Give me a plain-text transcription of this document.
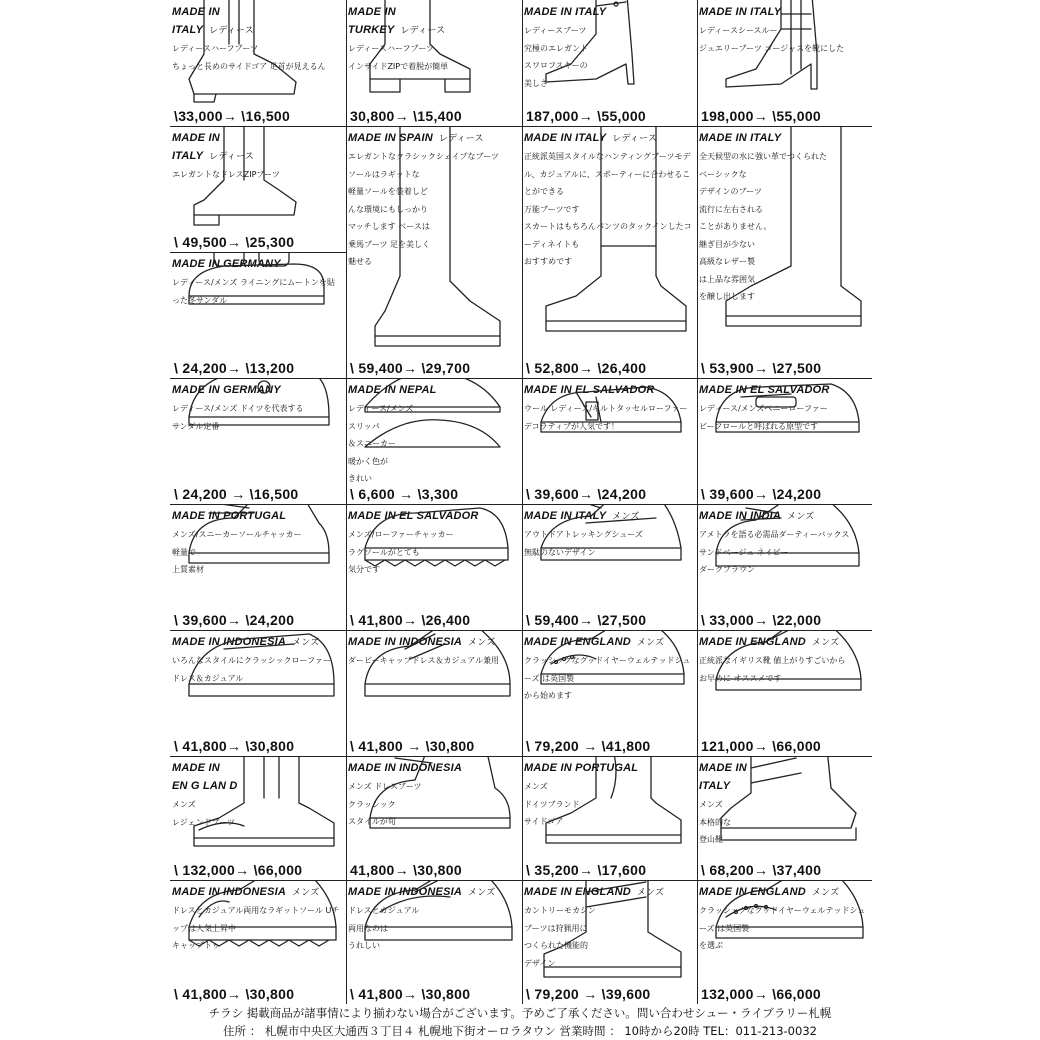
MADE IN
ITALY レディース
レディースハーフブーツ
ちょっと長めのサイドゴア 足首が見えるん
\33,000→ \16,500
MADE IN
TURKEY レディース
レディースハーフブーツ
インサイドZIPで着脱が簡単
30,800→ \15,400
MADE IN ITALY
レディースブーツ
究極のエレガント
スワロフスキーの
美しさ
187,000→ \55,000
MADE IN ITALY
レディースシースルー
ジュエリーブーツ ゴージャスを靴にした
198,000→ \55,000
MADE IN
ITALY レディース
エレガントなドレスZIPブーツ
\ 49,500→ \25,300
MADE IN SPAIN レディース
エレガントなクラシックシェイプなブーツ
ソールはラギットな
軽量ソールを装着しど
んな環境にもしっかり
マッチします ベースは
乗馬ブーツ 足を美しく
魅せる
\ 59,400→ \29,700
MADE IN ITALY レディース
正統派英国スタイルなハンティングブーツモデル、カジュアルに、スポーティーに合わせることができる
万能ブーツです
スカートはもちろんパンツのタックインしたコーディネイトも
おすすめです
\ 52,800→ \26,400
MADE IN ITALY
全天候型の水に強い革でつくられた
ベーシックな
デザインのブーツ
流行に左右される
ことがありません。
継ぎ目が少ない
高級なレザー製
は上品な雰囲気
を醸し出します
\ 53,900→ \27,500
MADE IN GERMANY
レディース/メンズ ライニングにムートンを貼った冬サンダル
\ 24,200→ \13,200
MADE IN GERMANY
レディース/メンズ ドイツを代表する
サンダル定番
\ 24,200 → \16,500
MADE IN NEPAL
レディース/メンズ
スリッパ
＆スニーカー
暖かく色が
きれい
\ 6,600 → \3,300
MADE IN EL SALVADOR
ウール レディース/キルトタッセルローファー
デコラティブが人気です！
\ 39,600→ \24,200
MADE IN EL SALVADOR
レディース/メンズペニーローファー
ビーフロールと呼ばれる原型です
\ 39,600→ \24,200
MADE IN PORTUGAL
メンズ/スニーカーソールチャッカー
軽量で
上質素材
\ 39,600→ \24,200
MADE IN EL SALVADOR
メンズ/ローファーチャッカー
ラグソールがとても
気分です
\ 41,800→ \26,400
MADE IN ITALY メンズ
アウトドアトレッキングシューズ
無駄のないデザイン
\ 59,400→ \27,500
MADE IN INDIA メンズ
アメトラを語る必需品ダーティーバックス
サンドベージュ ネイビー
ダークブラウン
\ 33,000→ \22,000
MADE IN INDONESIA メンズ
いろんなスタイルにクラッシックローファー
ドレス＆カジュアル
\ 41,800→ \30,800
MADE IN INDONESIA メンズ
ダービーキャップドレス＆カジュアル兼用
\ 41,800 → \30,800
MADE IN ENGLAND メンズ
クラッシックなグッドイヤーウェルテッドシューズ は英国製
から始めます
\ 79,200 → \41,800
MADE IN ENGLAND メンズ
正統派なイギリス靴 値上がりすごいから
お早めに オススメです
121,000→ \66,000
MADE IN
EN G LAN D
メンズ
レジェンドブーツ
\ 132,000→ \66,000
MADE IN INDONESIA
メンズ ドレスブーツ
クラッシック
スタイルが旬
41,800→ \30,800
MADE IN PORTUGAL
メンズ
ドイツブランド
サイドゴア
\ 35,200→ \17,600
MADE IN
ITALY
メンズ
本格的な
登山靴
\ 68,200→ \37,400
MADE IN INDONESIA メンズ
ドレスとカジュアル両用なラギットソール Uチップは人気上昇中
キャップトゥ
\ 41,800→ \30,800
MADE IN INDONESIA メンズ
ドレスとカジュアル
両用なのは
うれしい
\ 41,800→ \30,800
MADE IN ENGLAND メンズ
カントリーモカシン
ブーツは狩猟用に
つくられた機能的
デザイン
\ 79,200 → \39,600
MADE IN ENGLAND メンズ
クラッシックなグッドイヤーウェルテッドシューズ は英国製
を選ぶ
132,000→ \66,000
チラシ 掲載商品が諸事情により揃わない場合がございます。予めご了承ください。問い合わせシュー・ライブラリー札幌
住所 ： 札幌市中央区大通西３丁目４ 札幌地下街オーロラタウン 営業時間 ： 10時から20時 TEL：011-213-0032
